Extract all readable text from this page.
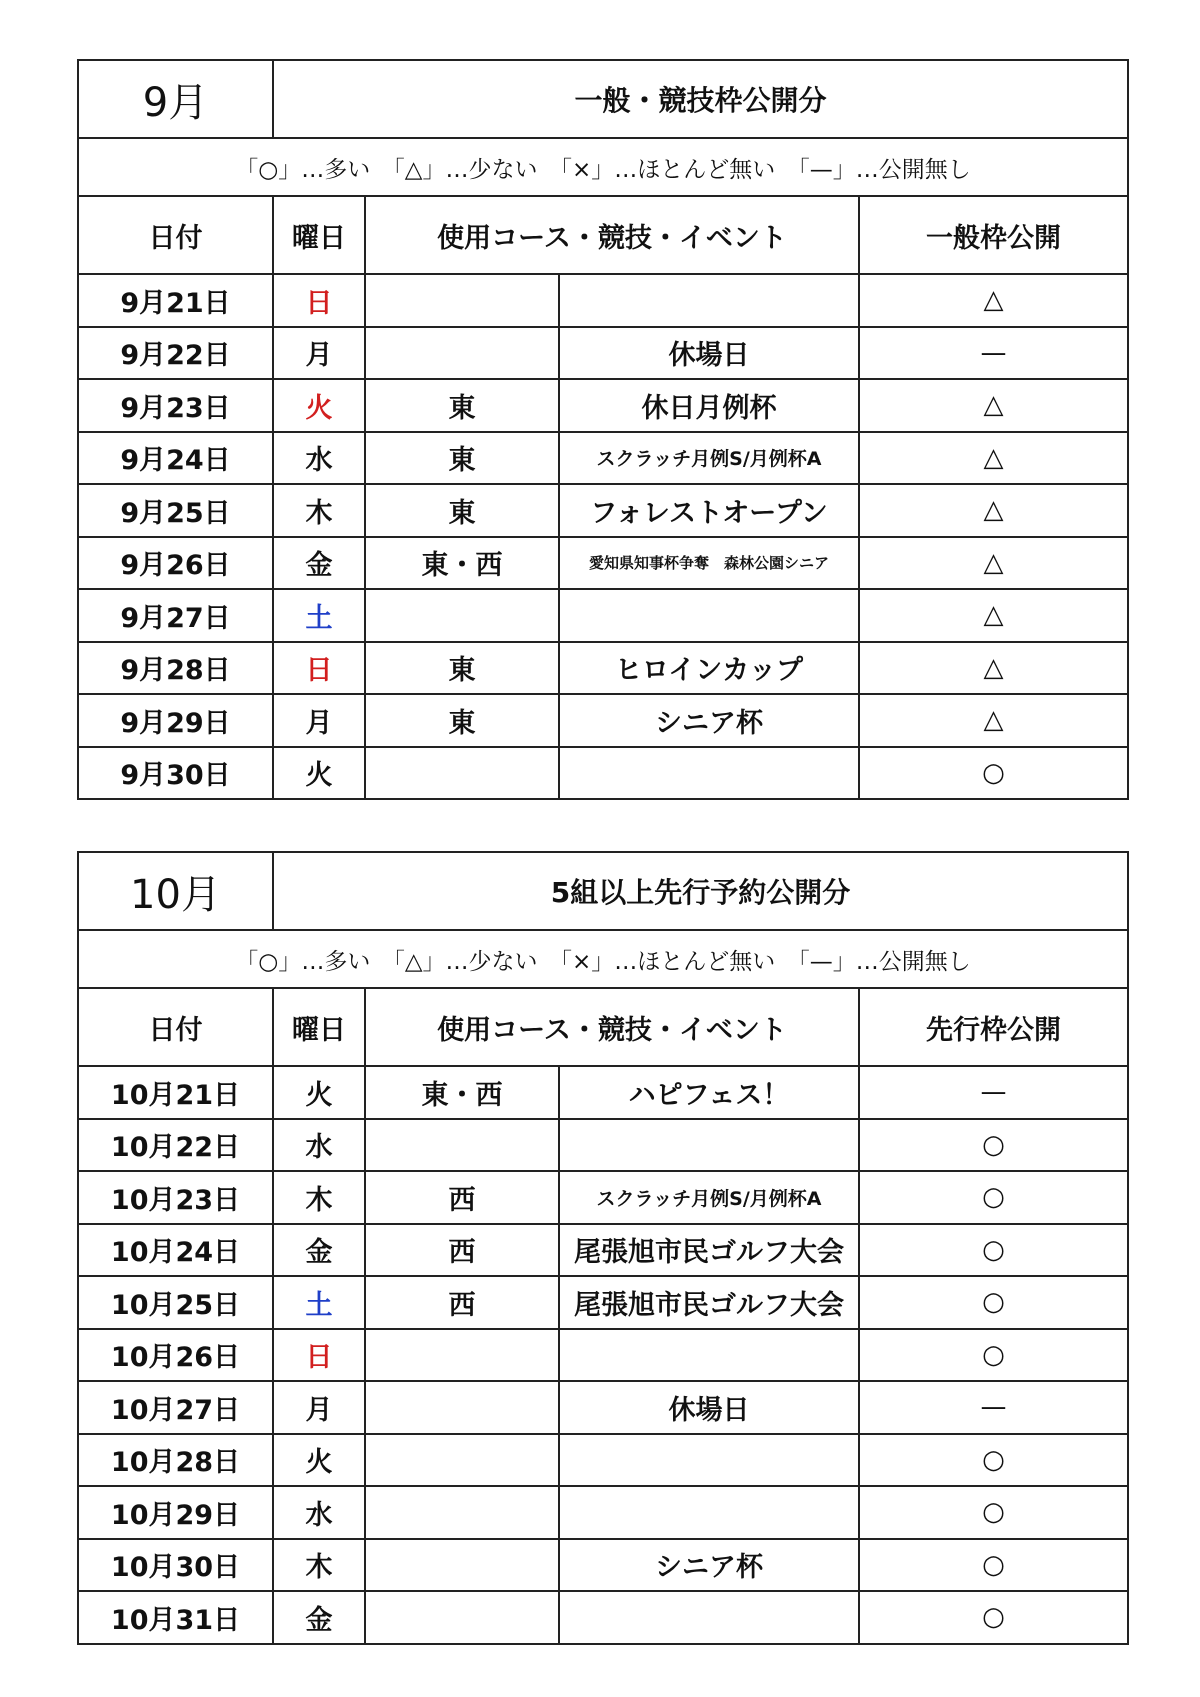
9月	一般・競技枠公開分			
「○」…多い　「△」…少ない　「×」…ほとんど無い　「—」…公開無し				
日付	曜日	使用コース・競技・イベント		一般枠公開
9月21日	日			△
9月22日	月		休場日	—
9月23日	火	東	休日月例杯	△
9月24日	水	東	スクラッチ月例S/月例杯A	△
9月25日	木	東	フォレストオープン	△
9月26日	金	東・西	愛知県知事杯争奪　森林公園シニア	△
9月27日	土			△
9月28日	日	東	ヒロインカップ	△
9月29日	月	東	シニア杯	△
9月30日	火			○
10月	5組以上先行予約公開分			
「○」…多い　「△」…少ない　「×」…ほとんど無い　「—」…公開無し				
日付	曜日	使用コース・競技・イベント		先行枠公開
10月21日	火	東・西	ハピフェス！	—
10月22日	水			○
10月23日	木	西	スクラッチ月例S/月例杯A	○
10月24日	金	西	尾張旭市民ゴルフ大会	○
10月25日	土	西	尾張旭市民ゴルフ大会	○
10月26日	日			○
10月27日	月		休場日	—
10月28日	火			○
10月29日	水			○
10月30日	木		シニア杯	○
10月31日	金			○
